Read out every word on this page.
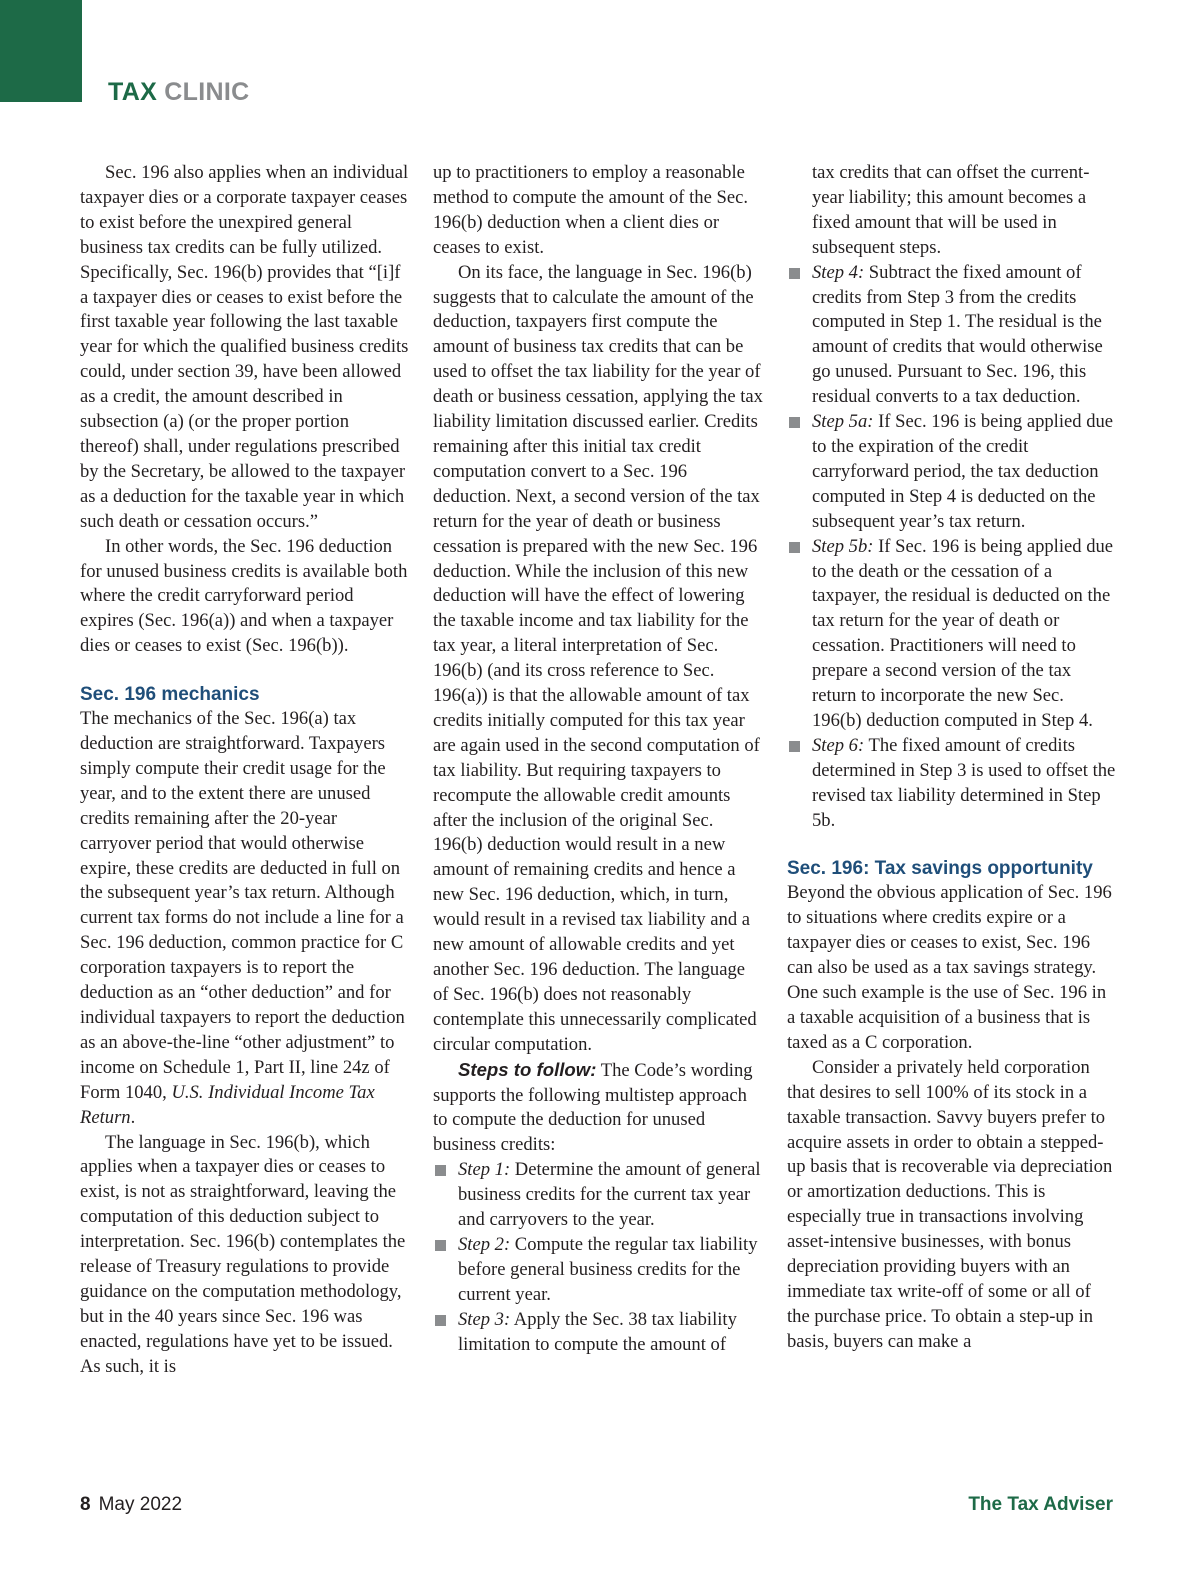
TAX CLINIC

Sec. 196 also applies when an individual taxpayer dies or a corporate taxpayer ceases to exist before the unexpired general business tax credits can be fully utilized. Specifically, Sec. 196(b) provides that “[i]f a taxpayer dies or ceases to exist before the first taxable year following the last taxable year for which the qualified business credits could, under section 39, have been allowed as a credit, the amount described in subsection (a) (or the proper portion thereof) shall, under regulations prescribed by the Secretary, be allowed to the taxpayer as a deduction for the taxable year in which such death or cessation occurs.”

In other words, the Sec. 196 deduction for unused business credits is available both where the credit carryforward period expires (Sec. 196(a)) and when a taxpayer dies or ceases to exist (Sec. 196(b)).

Sec. 196 mechanics

The mechanics of the Sec. 196(a) tax deduction are straightforward. Taxpayers simply compute their credit usage for the year, and to the extent there are unused credits remaining after the 20-year carryover period that would otherwise expire, these credits are deducted in full on the subsequent year’s tax return. Although current tax forms do not include a line for a Sec. 196 deduction, common practice for C corporation taxpayers is to report the deduction as an “other deduction” and for individual taxpayers to report the deduction as an above-the-line “other adjustment” to income on Schedule 1, Part II, line 24z of Form 1040, U.S. Individual Income Tax Return.

The language in Sec. 196(b), which applies when a taxpayer dies or ceases to exist, is not as straightforward, leaving the computation of this deduction subject to interpretation. Sec. 196(b) contemplates the release of Treasury regulations to provide guidance on the computation methodology, but in the 40 years since Sec. 196 was enacted, regulations have yet to be issued. As such, it is

up to practitioners to employ a reasonable method to compute the amount of the Sec. 196(b) deduction when a client dies or ceases to exist.

On its face, the language in Sec. 196(b) suggests that to calculate the amount of the deduction, taxpayers first compute the amount of business tax credits that can be used to offset the tax liability for the year of death or business cessation, applying the tax liability limitation discussed earlier. Credits remaining after this initial tax credit computation convert to a Sec. 196 deduction. Next, a second version of the tax return for the year of death or business cessation is prepared with the new Sec. 196 deduction. While the inclusion of this new deduction will have the effect of lowering the taxable income and tax liability for the tax year, a literal interpretation of Sec. 196(b) (and its cross reference to Sec. 196(a)) is that the allowable amount of tax credits initially computed for this tax year are again used in the second computation of tax liability. But requiring taxpayers to recompute the allowable credit amounts after the inclusion of the original Sec. 196(b) deduction would result in a new amount of remaining credits and hence a new Sec. 196 deduction, which, in turn, would result in a revised tax liability and a new amount of allowable credits and yet another Sec. 196 deduction. The language of Sec. 196(b) does not reasonably contemplate this unnecessarily complicated circular computation.

Steps to follow: The Code’s wording supports the following multistep approach to compute the deduction for unused business credits:

Step 1: Determine the amount of general business credits for the current tax year and carryovers to the year.
Step 2: Compute the regular tax liability before general business credits for the current year.
Step 3: Apply the Sec. 38 tax liability limitation to compute the amount of
tax credits that can offset the current-year liability; this amount becomes a fixed amount that will be used in subsequent steps.
Step 4: Subtract the fixed amount of credits from Step 3 from the credits computed in Step 1. The residual is the amount of credits that would otherwise go unused. Pursuant to Sec. 196, this residual converts to a tax deduction.
Step 5a: If Sec. 196 is being applied due to the expiration of the credit carryforward period, the tax deduction computed in Step 4 is deducted on the subsequent year’s tax return.
Step 5b: If Sec. 196 is being applied due to the death or the cessation of a taxpayer, the residual is deducted on the tax return for the year of death or cessation. Practitioners will need to prepare a second version of the tax return to incorporate the new Sec. 196(b) deduction computed in Step 4.
Step 6: The fixed amount of credits determined in Step 3 is used to offset the revised tax liability determined in Step 5b.
Sec. 196: Tax savings opportunity

Beyond the obvious application of Sec. 196 to situations where credits expire or a taxpayer dies or ceases to exist, Sec. 196 can also be used as a tax savings strategy. One such example is the use of Sec. 196 in a taxable acquisition of a business that is taxed as a C corporation.

Consider a privately held corporation that desires to sell 100% of its stock in a taxable transaction. Savvy buyers prefer to acquire assets in order to obtain a stepped-up basis that is recoverable via depreciation or amortization deductions. This is especially true in transactions involving asset-intensive businesses, with bonus depreciation providing buyers with an immediate tax write-off of some or all of the purchase price. To obtain a step-up in basis, buyers can make a

8 May 2022	The Tax Adviser
